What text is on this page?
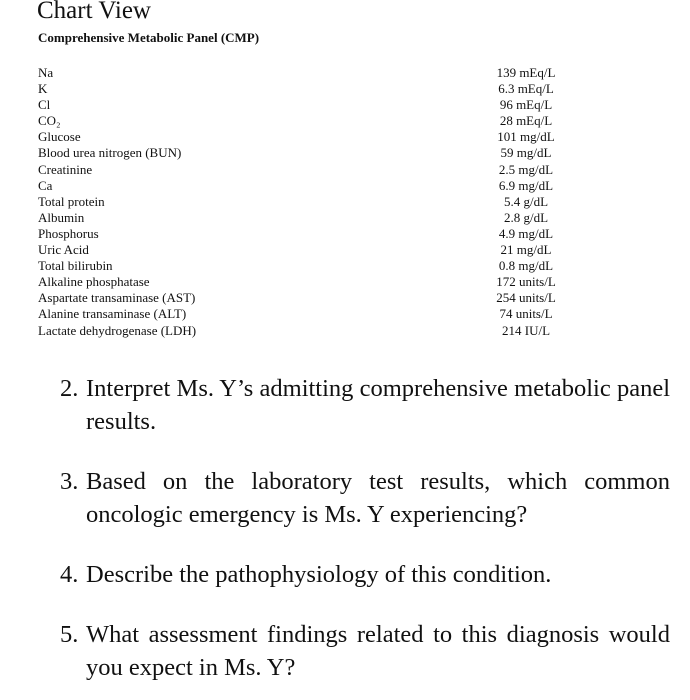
Chart View
Comprehensive Metabolic Panel (CMP)
Na	139 mEq/L
K	6.3 mEq/L
Cl	96 mEq/L
CO₂	28 mEq/L
Glucose	101 mg/dL
Blood urea nitrogen (BUN)	59 mg/dL
Creatinine	2.5 mg/dL
Ca	6.9 mg/dL
Total protein	5.4 g/dL
Albumin	2.8 g/dL
Phosphorus	4.9 mg/dL
Uric Acid	21 mg/dL
Total bilirubin	0.8 mg/dL
Alkaline phosphatase	172 units/L
Aspartate transaminase (AST)	254 units/L
Alanine transaminase (ALT)	74 units/L
Lactate dehydrogenase (LDH)	214 IU/L
2. Interpret Ms. Y’s admitting comprehensive metabolic panel results.
3. Based on the laboratory test results, which common oncologic emergency is Ms. Y experiencing?
4. Describe the pathophysiology of this condition.
5. What assessment findings related to this diagnosis would you expect in Ms. Y?
